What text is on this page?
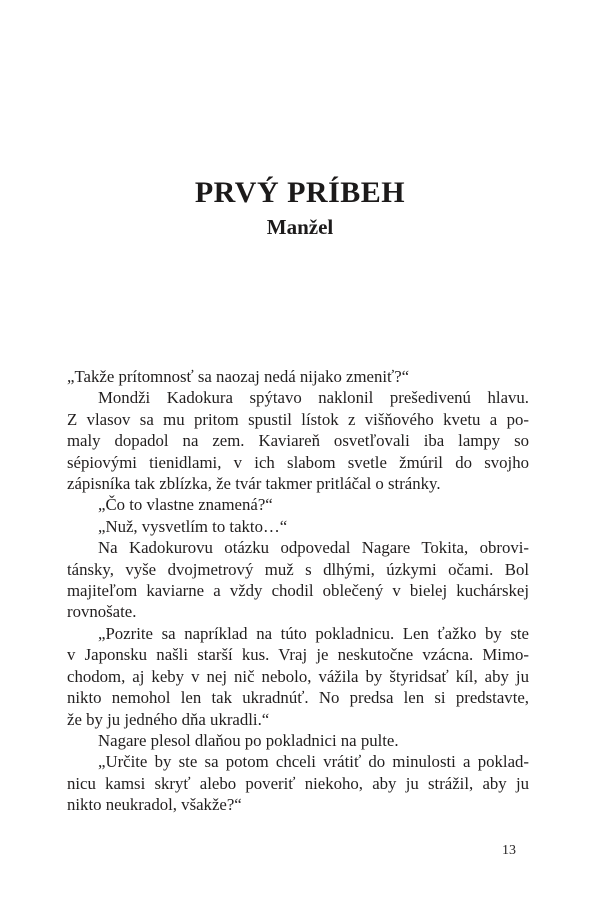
PRVÝ PRÍBEH
Manžel
„Takže prítomnosť sa naozaj nedá nijako zmeniť?“
Mondži Kadokura spýtavo naklonil prešedivenú hlavu.
Z vlasov sa mu pritom spustil lístok z višňového kvetu a po-
maly dopadol na zem. Kaviareň osvetľovali iba lampy so
sépiovými tienidlami, v ich slabom svetle žmúril do svojho
zápisníka tak zblízka, že tvár takmer pritláčal o stránky.
„Čo to vlastne znamená?“
„Nuž, vysvetlím to takto…“
Na Kadokurovu otázku odpovedal Nagare Tokita, obrovi-
tánsky, vyše dvojmetrový muž s dlhými, úzkymi očami. Bol
majiteľom kaviarne a vždy chodil oblečený v bielej kuchárskej
rovnošate.
„Pozrite sa napríklad na túto pokladnicu. Len ťažko by ste
v Japonsku našli starší kus. Vraj je neskutočne vzácna. Mimo-
chodom, aj keby v nej nič nebolo, vážila by štyridsať kíl, aby ju
nikto nemohol len tak ukradnúť. No predsa len si predstavte,
že by ju jedného dňa ukradli.“
Nagare plesol dlaňou po pokladnici na pulte.
„Určite by ste sa potom chceli vrátiť do minulosti a poklad-
nicu kamsi skryť alebo poveriť niekoho, aby ju strážil, aby ju
nikto neukradol, všakže?“
13
